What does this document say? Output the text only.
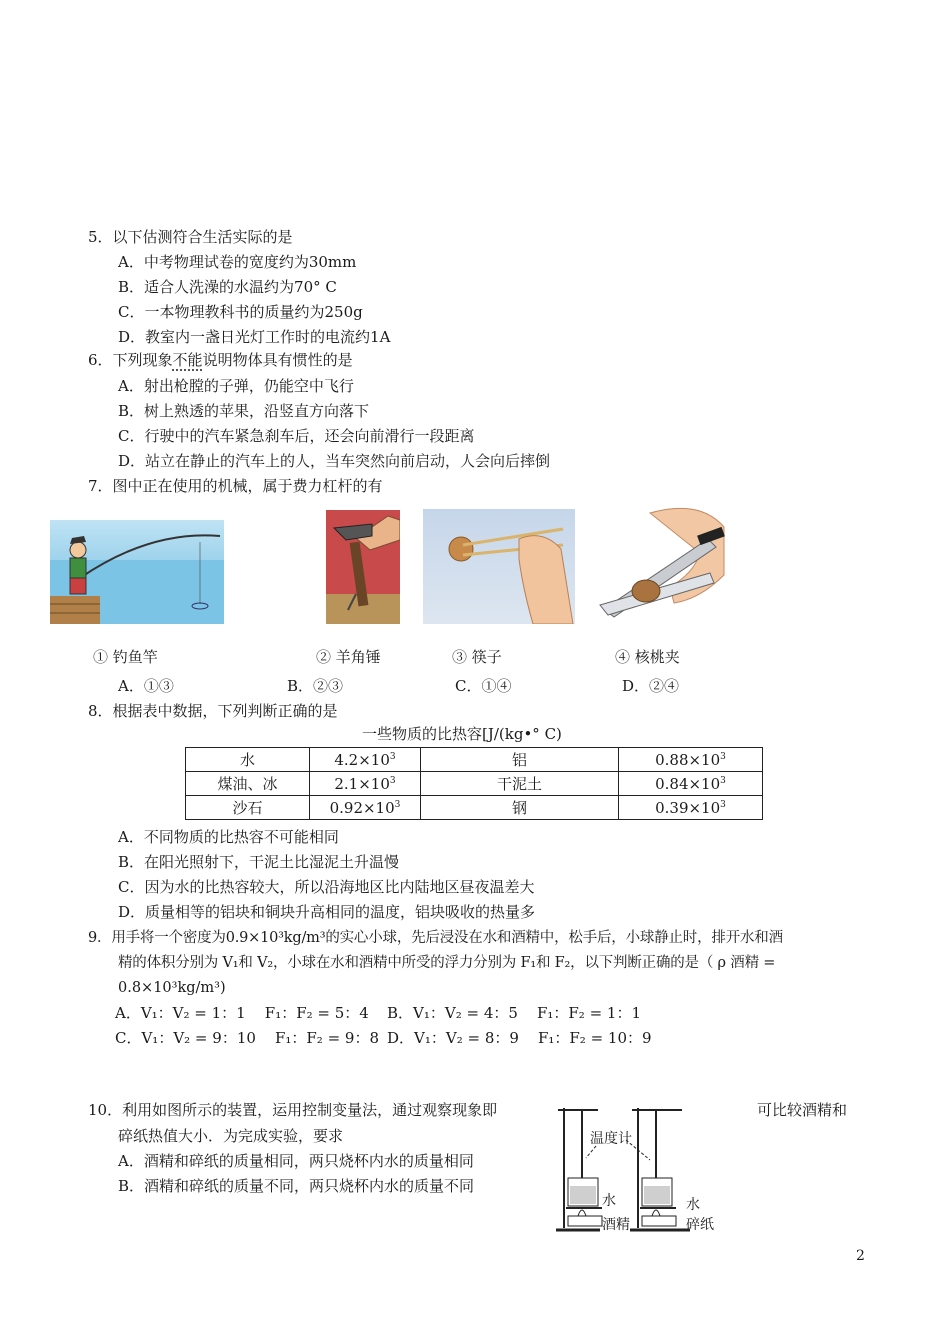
5．以下估测符合生活实际的是
A．中考物理试卷的宽度约为30mm
B．适合人洗澡的水温约为70° C
C．一本物理教科书的质量约为250g
D．教室内一盏日光灯工作时的电流约1A
6．下列现象不能说明物体具有惯性的是
A．射出枪膛的子弹，仍能空中飞行
B．树上熟透的苹果，沿竖直方向落下
C．行驶中的汽车紧急刹车后，还会向前滑行一段距离
D．站立在静止的汽车上的人，当车突然向前启动，人会向后摔倒
7．图中正在使用的机械，属于费力杠杆的有
① 钓鱼竿	② 羊角锤	③ 筷子	④ 核桃夹
A．①③	B．②③	C．①④	D．②④
8．根据表中数据，下列判断正确的是
一些物质的比热容[J/(kg•° C)
水	$4.2\times 10^3$	铝	$0.88\times 10^3$
煤油、冰	$2.1\times 10^3$	干泥土	$0.84\times 10^3$
沙石	$0.92\times 10^3$	钢	$0.39\times 10^3$
A．不同物质的比热容不可能相同
B．在阳光照射下，干泥土比湿泥土升温慢
C．因为水的比热容较大，所以沿海地区比内陆地区昼夜温差大
D．质量相等的铝块和铜块升高相同的温度，铝块吸收的热量多
9．用手将一个密度为0.9×10³kg/m³的实心小球，先后浸没在水和酒精中，松手后，小球静止时，排开水和酒
精的体积分别为 V₁和 V₂，小球在水和酒精中所受的浮力分别为 F₁和 F₂，以下判断正确的是（ ρ 酒精 =
0.8×10³kg/m³)
A．V₁：V₂ = 1：1    F₁：F₂ = 5：4 B．V₁：V₂ = 4：5    F₁：F₂ = 1：1
C．V₁：V₂ = 9：10    F₁：F₂ = 9：8 D．V₁：V₂ = 8：9    F₁：F₂ = 10：9
10．利用如图所示的装置，运用控制变量法，通过观察现象即	可比较酒精和
碎纸热值大小．为完成实验，要求
A．酒精和碎纸的质量相同，两只烧杯内水的质量相同
B．酒精和碎纸的质量不同，两只烧杯内水的质量不同
温度计
水
酒精
水
碎纸
2
